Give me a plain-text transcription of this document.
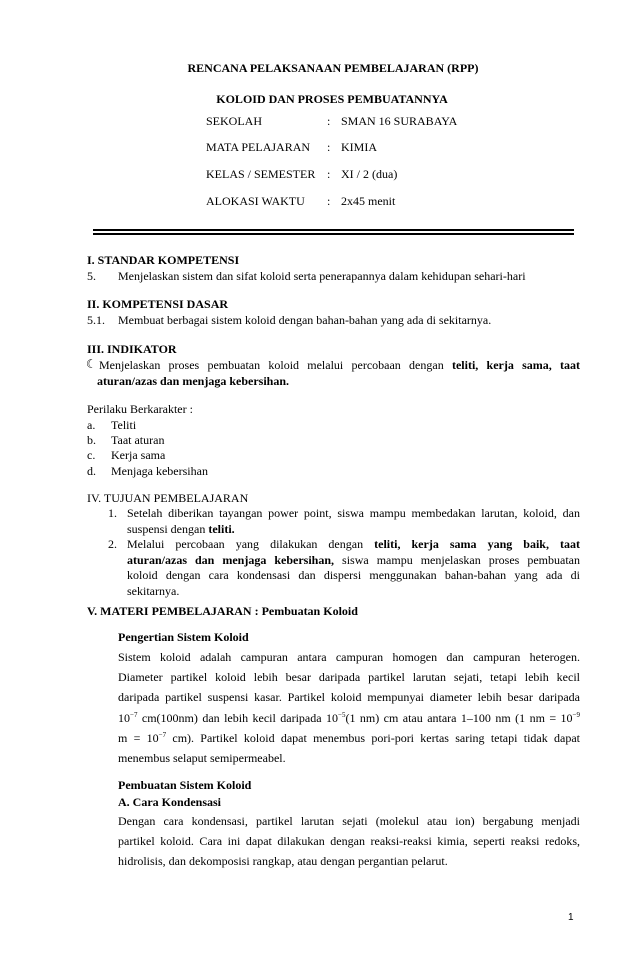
RENCANA PELAKSANAAN PEMBELAJARAN (RPP)
KOLOID DAN PROSES PEMBUATANNYA
SEKOLAH	: SMAN 16 SURABAYA
MATA PELAJARAN : KIMIA
KELAS / SEMESTER : XI / 2 (dua)
ALOKASI WAKTU : 2x45 menit
I. STANDAR KOMPETENSI
5. Menjelaskan sistem dan sifat koloid serta penerapannya dalam kehidupan sehari-hari
II. KOMPETENSI DASAR
5.1. Membuat berbagai sistem koloid dengan bahan-bahan yang ada di sekitarnya.
III. INDIKATOR
☾ Menjelaskan proses pembuatan koloid melalui percobaan dengan teliti, kerja sama, taat
aturan/azas dan menjaga kebersihan.
Perilaku Berkarakter :
a. Teliti
b. Taat aturan
c. Kerja sama
d. Menjaga kebersihan
IV. TUJUAN PEMBELAJARAN
1. Setelah diberikan tayangan power point, siswa mampu membedakan larutan, koloid, dan
suspensi dengan teliti.
2. Melalui percobaan yang dilakukan dengan teliti, kerja sama yang baik, taat
aturan/azas dan menjaga kebersihan, siswa mampu menjelaskan proses pembuatan
koloid dengan cara kondensasi dan dispersi menggunakan bahan-bahan yang ada di
sekitarnya.
V. MATERI PEMBELAJARAN : Pembuatan Koloid
Pengertian Sistem Koloid
Sistem koloid adalah campuran antara campuran homogen dan campuran heterogen.
Diameter partikel koloid lebih besar daripada partikel larutan sejati, tetapi lebih kecil
daripada partikel suspensi kasar. Partikel koloid mempunyai diameter lebih besar daripada
$10^{-7}$ cm(100nm) dan lebih kecil daripada $10^{-5}(1$ nm) cm atau antara 1–100 nm (1 nm = $10^{-9}$
$m = 10^{-7}$ cm). Partikel koloid dapat menembus pori-pori kertas saring tetapi tidak dapat
menembus selaput semipermeabel.
Pembuatan Sistem Koloid
A. Cara Kondensasi
Dengan cara kondensasi, partikel larutan sejati (molekul atau ion) bergabung menjadi
partikel koloid. Cara ini dapat dilakukan dengan reaksi-reaksi kimia, seperti reaksi redoks,
hidrolisis, dan dekomposisi rangkap, atau dengan pergantian pelarut.
1
